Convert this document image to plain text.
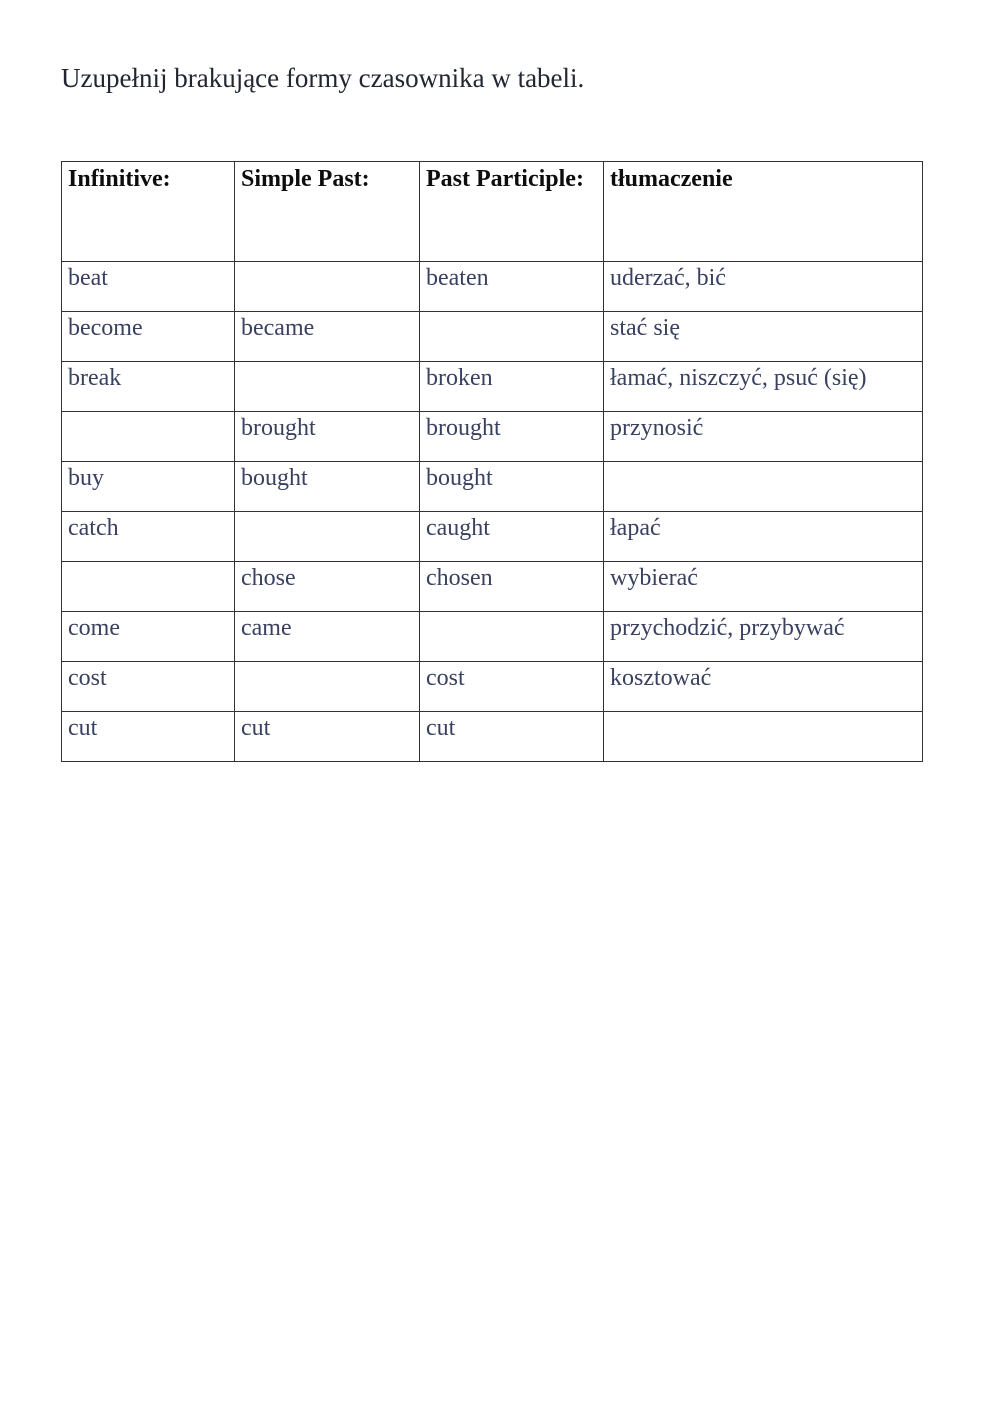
Uzupełnij brakujące formy czasownika w tabeli.

Infinitive:	Simple Past:	Past Participle:	tłumaczenie
beat		beaten	uderzać, bić
become	became		stać się
break		broken	łamać, niszczyć, psuć (się)
	brought	brought	przynosić
buy	bought	bought	
catch		caught	łapać
	chose	chosen	wybierać
come	came		przychodzić, przybywać
cost		cost	kosztować
cut	cut	cut	
